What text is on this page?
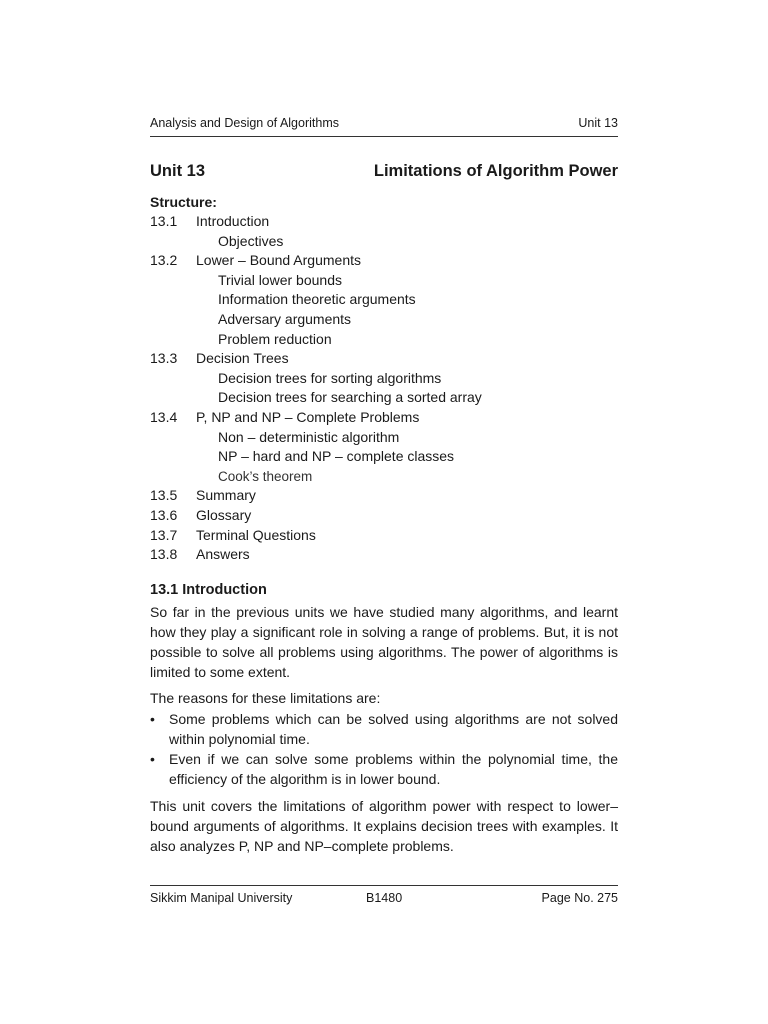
Analysis and Design of Algorithms	Unit 13
Unit 13	Limitations of Algorithm Power
Structure:
13.1 Introduction
Objectives
13.2 Lower – Bound Arguments
Trivial lower bounds
Information theoretic arguments
Adversary arguments
Problem reduction
13.3 Decision Trees
Decision trees for sorting algorithms
Decision trees for searching a sorted array
13.4 P, NP and NP – Complete Problems
Non – deterministic algorithm
NP – hard and NP – complete classes
Cook’s theorem
13.5 Summary
13.6 Glossary
13.7 Terminal Questions
13.8 Answers
13.1 Introduction
So far in the previous units we have studied many algorithms, and learnt how they play a significant role in solving a range of problems. But, it is not possible to solve all problems using algorithms. The power of algorithms is limited to some extent.
The reasons for these limitations are:
• Some problems which can be solved using algorithms are not solved within polynomial time.
• Even if we can solve some problems within the polynomial time, the efficiency of the algorithm is in lower bound.
This unit covers the limitations of algorithm power with respect to lower– bound arguments of algorithms. It explains decision trees with examples. It also analyzes P, NP and NP–complete problems.
Sikkim Manipal University	B1480	Page No. 275
